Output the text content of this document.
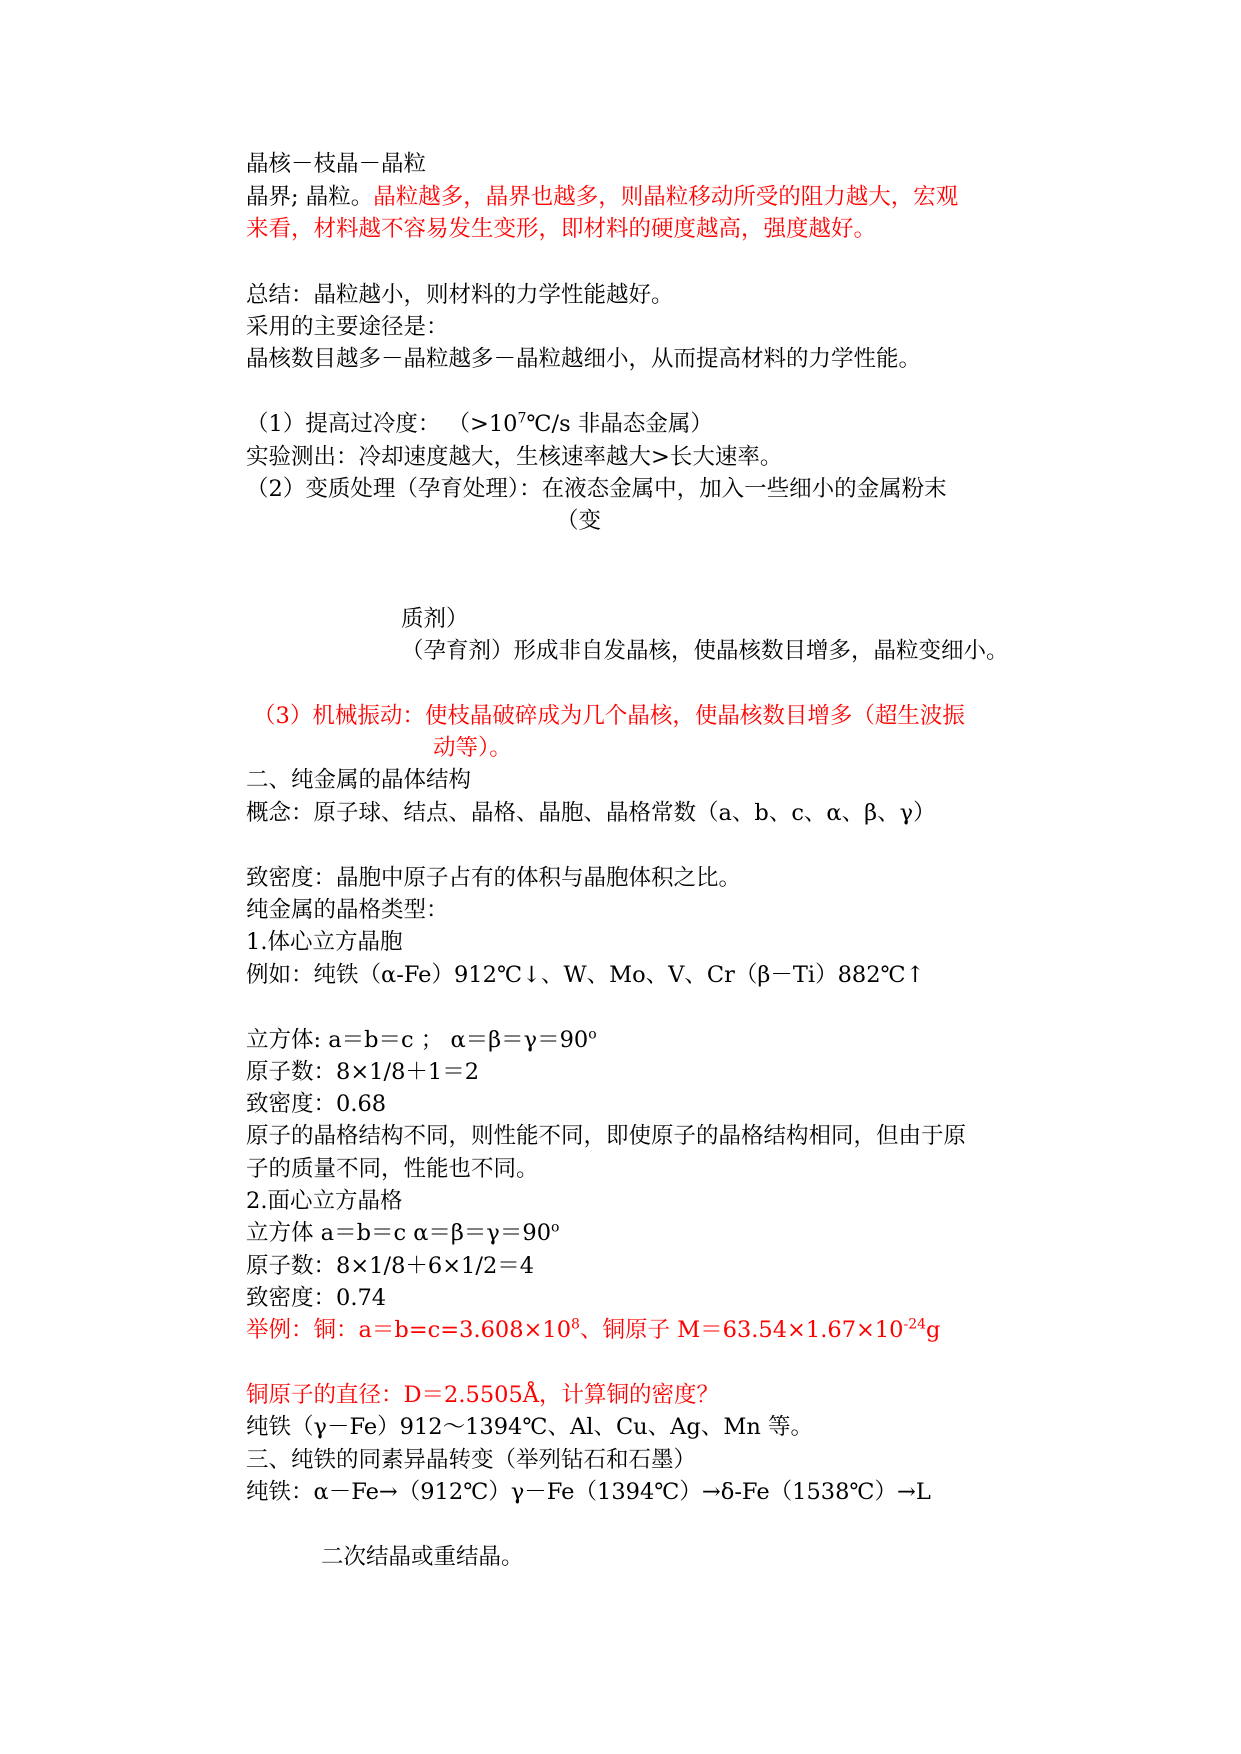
晶核－枝晶－晶粒
晶界; 晶粒。晶粒越多，晶界也越多，则晶粒移动所受的阻力越大，宏观
来看，材料越不容易发生变形，即材料的硬度越高，强度越好。
总结：晶粒越小，则材料的力学性能越好。
采用的主要途径是：
晶核数目越多－晶粒越多－晶粒越细小，从而提高材料的力学性能。
（1）提高过冷度： （$>10^7℃/s$ 非晶态金属）
实验测出：冷却速度越大，生核速率越大>长大速率。
（2）变质处理（孕育处理）：在液态金属中，加入一些细小的金属粉末
（变
质剂）
（孕育剂）形成非自发晶核，使晶核数目增多，晶粒变细小。
（3）机械振动：使枝晶破碎成为几个晶核，使晶核数目增多（超生波振
动等）。
二、纯金属的晶体结构
概念：原子球、结点、晶格、晶胞、晶格常数（a、b、c、α、β、γ）
致密度：晶胞中原子占有的体积与晶胞体积之比。
纯金属的晶格类型：
1.体心立方晶胞
例如：纯铁（α-Fe）912℃↓、W、Mo、V、Cr（β－Ti）882℃↑
立方体: a＝b＝c ； $\alpha=\beta=\gamma=90^o$
原子数：8×1/8＋1＝2
致密度：0.68
原子的晶格结构不同，则性能不同，即使原子的晶格结构相同，但由于原
子的质量不同，性能也不同。
2.面心立方晶格
立方体 a＝b＝c $\alpha=\beta=\gamma=90^o$
原子数：8×1/8＋6×1/2＝4
致密度：0.74
举例：铜：$a=b=c=3.608\times 10^8$、铜原子 $M=63.54\times 1.67\times 10^{-24}g$
铜原子的直径：D＝2.5505Å，计算铜的密度？
纯铁（γ－Fe）912～1394℃、Al、Cu、Ag、Mn 等。
三、纯铁的同素异晶转变（举列钻石和石墨）
纯铁：α－Fe→（912℃）γ－Fe（1394℃）→δ-Fe（1538℃）→L
二次结晶或重结晶。
